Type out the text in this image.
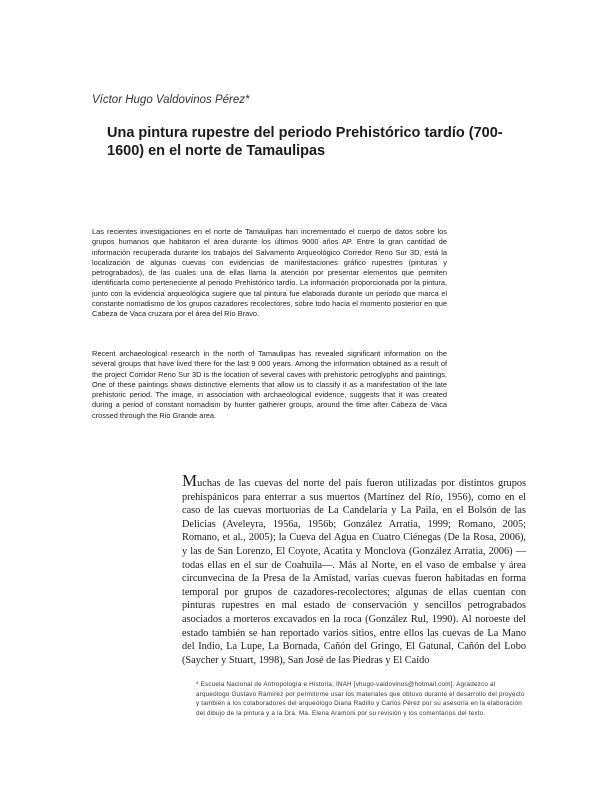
Víctor Hugo Valdovinos Pérez*
Una pintura rupestre del periodo Prehistórico tardío (700-1600) en el norte de Tamaulipas

Las recientes investigaciones en el norte de Tamaulipas han incrementado el cuerpo de datos sobre los grupos humanos que habitaron el área durante los últimos 9000 años AP. Entre la gran cantidad de información recuperada durante los trabajos del Salvamento Arqueológico Corredor Reno Sur 3D, está la localización de algunas cuevas con evidencias de manifestaciones gráfico rupestres (pinturas y petrograbados), de las cuales una de ellas llama la atención por presentar elementos que permiten identificarla como perteneciente al periodo Prehistórico tardío. La información proporcionada por la pintura, junto con la evidencia arqueológica sugiere que tal pintura fue elaborada durante un periodo que marca el constante nomadismo de los grupos cazadores recolectores, sobre todo hacia el momento posterior en que Cabeza de Vaca cruzara por el área del Río Bravo.

Recent archaeological research in the north of Tamaulipas has revealed significant information on the several groups that have lived there for the last 9 000 years. Among the information obtained as a result of the project Corridor Reno Sur 3D is the location of several caves with prehistoric petroglyphs and paintings. One of these paintings shows distinctive elements that allow us to classify it as a manifestation of the late prehistoric period. The image, in association with archaeological evidence, suggests that it was created during a period of constant nomadism by hunter gatherer groups, around the time after Cabeza de Vaca crossed through the Rio Grande area.

Muchas de las cuevas del norte del país fueron utilizadas por distintos grupos prehispánicos para enterrar a sus muertos (Martínez del Río, 1956), como en el caso de las cuevas mortuorias de La Candelaria y La Paila, en el Bolsón de las Delicias (Aveleyra, 1956a, 1956b; González Arratia, 1999; Romano, 2005; Romano, et al., 2005); la Cueva del Agua en Cuatro Ciénegas (De la Rosa, 2006), y las de San Lorenzo, El Coyote, Acatita y Monclova (González Arratia, 2006) —todas ellas en el sur de Coahuila—. Más al Norte, en el vaso de embalse y área circunvecina de la Presa de la Amistad, varias cuevas fueron habitadas en forma temporal por grupos de cazadores-recolectores; algunas de ellas cuentan con pinturas rupestres en mal estado de conservación y sencillos petrograbados asociados a morteros excavados en la roca (González Rul, 1990). Al noroeste del estado también se han reportado varios sitios, entre ellos las cuevas de La Mano del Indio, La Lupe, La Bornada, Cañón del Gringo, El Gatunal, Cañón del Lobo (Saycher y Stuart, 1998), San José de las Piedras y El Caído

* Escuela Nacional de Antropología e Historia, INAH [vhugo-valdovinos@hotmail.com]. Agradezco al arqueólogo Gustavo Ramírez por permitirme usar los materiales que obtuvo durante el desarrollo del proyecto y también a los colaboradores del arqueólogo Diana Radillo y Carlos Pérez por su asesoría en la elaboración del dibujo de la pintura y a la Dra. Ma. Elena Aramoni por su revisión y los comentarios del texto.
